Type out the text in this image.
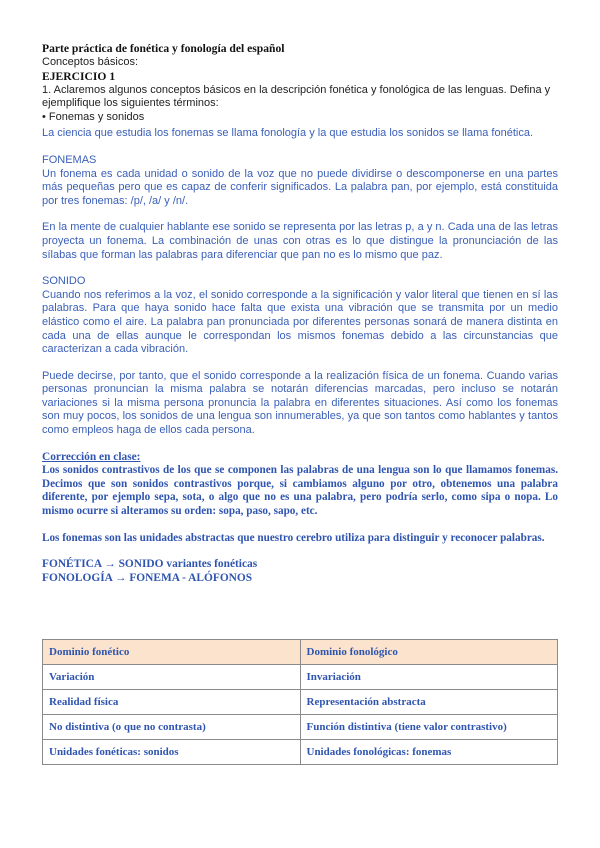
Parte práctica de fonética y fonología del español

Conceptos básicos:

EJERCICIO 1

1. Aclaremos algunos conceptos básicos en la descripción fonética y fonológica de las lenguas. Defina y

ejemplifique los siguientes términos:

• Fonemas y sonidos

La ciencia que estudia los fonemas se llama fonología y la que estudia los sonidos se llama fonética.

FONEMAS

Un fonema es cada unidad o sonido de la voz que no puede dividirse o descomponerse en una partes más pequeñas pero que es capaz de conferir significados. La palabra pan, por ejemplo, está constituida por tres fonemas: /p/, /a/ y /n/.

En la mente de cualquier hablante ese sonido se representa por las letras p, a y n. Cada una de las letras proyecta un fonema. La combinación de unas con otras es lo que distingue la pronunciación de las sílabas que forman las palabras para diferenciar que pan no es lo mismo que paz.

SONIDO

Cuando nos referimos a la voz, el sonido corresponde a la significación y valor literal que tienen en sí las palabras. Para que haya sonido hace falta que exista una vibración que se transmita por un medio elástico como el aire. La palabra pan pronunciada por diferentes personas sonará de manera distinta en cada una de ellas aunque le correspondan los mismos fonemas debido a las circunstancias que caracterizan a cada vibración.

Puede decirse, por tanto, que el sonido corresponde a la realización física de un fonema. Cuando varias personas pronuncian la misma palabra se notarán diferencias marcadas, pero incluso se notarán variaciones si la misma persona pronuncia la palabra en diferentes situaciones. Así como los fonemas son muy pocos, los sonidos de una lengua son innumerables, ya que son tantos como hablantes y tantos como empleos haga de ellos cada persona.

Corrección en clase:

Los sonidos contrastivos de los que se componen las palabras de una lengua son lo que llamamos fonemas. Decimos que son sonidos contrastivos porque, si cambiamos alguno por otro, obtenemos una palabra diferente, por ejemplo sepa, sota, o algo que no es una palabra, pero podría serlo, como sipa o nopa. Lo mismo ocurre si alteramos su orden: sopa, paso, sapo, etc.

Los fonemas son las unidades abstractas que nuestro cerebro utiliza para distinguir y reconocer palabras.

FONÉTICA → SONIDO variantes fonéticas

FONOLOGÍA → FONEMA - ALÓFONOS

Dominio fonético	Dominio fonológico
Variación	Invariación
Realidad física	Representación abstracta
No distintiva (o que no contrasta)	Función distintiva (tiene valor contrastivo)
Unidades fonéticas: sonidos	Unidades fonológicas: fonemas
